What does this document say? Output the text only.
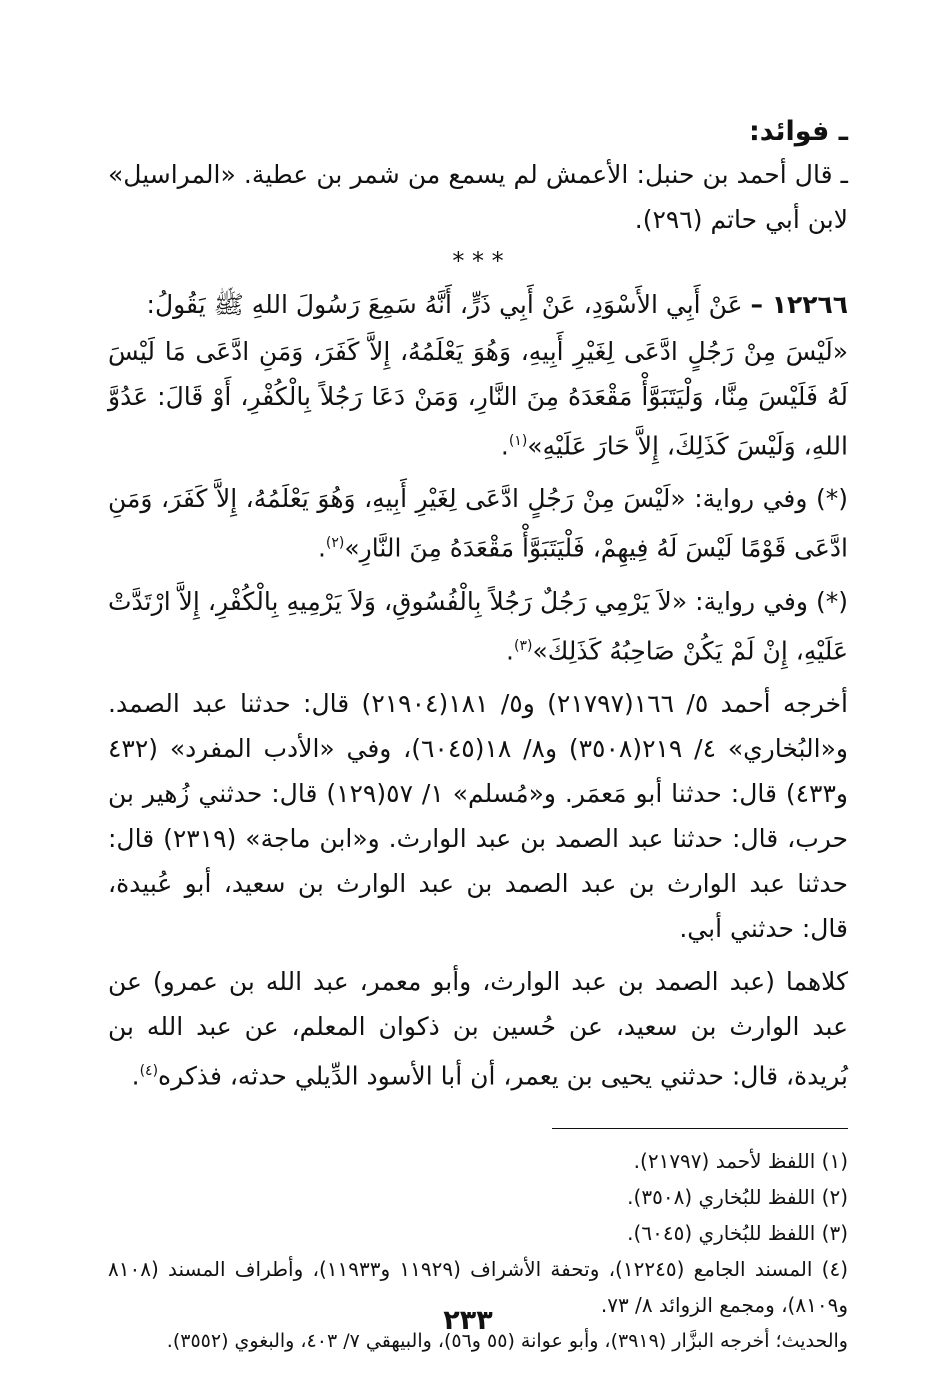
ـ فوائد:

ـ قال أحمد بن حنبل: الأعمش لم يسمع من شمر بن عطية. «المراسيل» لابن أبي حاتم (٢٩٦).

* * *

١٢٢٦٦ – عَنْ أَبِي الأَسْوَدِ، عَنْ أَبِي ذَرٍّ، أَنَّهُ سَمِعَ رَسُولَ اللهِ ﷺ يَقُولُ:

«لَيْسَ مِنْ رَجُلٍ ادَّعَى لِغَيْرِ أَبِيهِ، وَهُوَ يَعْلَمُهُ، إِلاَّ كَفَرَ، وَمَنِ ادَّعَى مَا لَيْسَ لَهُ فَلَيْسَ مِنَّا، وَلْيَتَبَوَّأْ مَقْعَدَهُ مِنَ النَّارِ، وَمَنْ دَعَا رَجُلاً بِالْكُفْرِ، أَوْ قَالَ: عَدُوَّ اللهِ، وَلَيْسَ كَذَلِكَ، إِلاَّ حَارَ عَلَيْهِ»$^{(١)}$.

(*) وفي رواية: «لَيْسَ مِنْ رَجُلٍ ادَّعَى لِغَيْرِ أَبِيهِ، وَهُوَ يَعْلَمُهُ، إِلاَّ كَفَرَ، وَمَنِ ادَّعَى قَوْمًا لَيْسَ لَهُ فِيهِمْ، فَلْيَتَبَوَّأْ مَقْعَدَهُ مِنَ النَّارِ»$^{(٢)}$.

(*) وفي رواية: «لاَ يَرْمِي رَجُلٌ رَجُلاً بِالْفُسُوقِ، وَلاَ يَرْمِيهِ بِالْكُفْرِ، إِلاَّ ارْتَدَّتْ عَلَيْهِ، إِنْ لَمْ يَكُنْ صَاحِبُهُ كَذَلِكَ»$^{(٣)}$.

أخرجه أحمد ٥/ ١٦٦(٢١٧٩٧) و٥/ ١٨١(٢١٩٠٤) قال: حدثنا عبد الصمد. و«البُخاري» ٤/ ٢١٩(٣٥٠٨) و٨/ ١٨(٦٠٤٥)، وفي «الأدب المفرد» (٤٣٢ و٤٣٣) قال: حدثنا أبو مَعمَر. و«مُسلم» ١/ ٥٧(١٢٩) قال: حدثني زُهير بن حرب، قال: حدثنا عبد الصمد بن عبد الوارث. و«ابن ماجة» (٢٣١٩) قال: حدثنا عبد الوارث بن عبد الصمد بن عبد الوارث بن سعيد، أبو عُبيدة، قال: حدثني أبي.

كلاهما (عبد الصمد بن عبد الوارث، وأبو معمر، عبد الله بن عمرو) عن عبد الوارث بن سعيد، عن حُسين بن ذكوان المعلم، عن عبد الله بن بُريدة، قال: حدثني يحيى بن يعمر، أن أبا الأسود الدِّيلي حدثه، فذكره$^{(٤)}$.

(١) اللفظ لأحمد (٢١٧٩٧).

(٢) اللفظ للبُخاري (٣٥٠٨).

(٣) اللفظ للبُخاري (٦٠٤٥).

(٤) المسند الجامع (١٢٢٤٥)، وتحفة الأشراف (١١٩٢٩ و١١٩٣٣)، وأطراف المسند (٨١٠٨ و٨١٠٩)، ومجمع الزوائد ٨/ ٧٣.

والحديث؛ أخرجه البزَّار (٣٩١٩)، وأبو عوانة (٥٥ و٥٦)، والبيهقي ٧/ ٤٠٣، والبغوي (٣٥٥٢).

٢٣٣
